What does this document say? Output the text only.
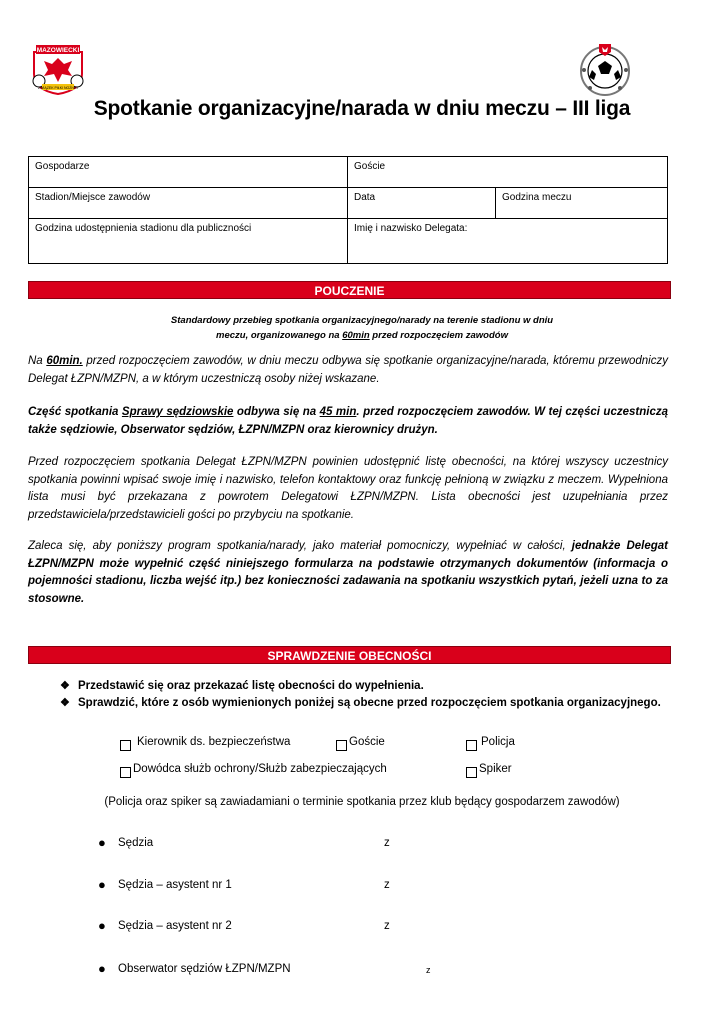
MAZOWIECKI
ZWIĄZEK PIŁKI NOŻNEJ
Spotkanie organizacyjne/narada w dniu meczu – III liga
Gospodarze	Goście	
Stadion/Miejsce zawodów	Data	Godzina meczu
Godzina udostępnienia stadionu dla publiczności	Imię i nazwisko Delegata:	
POUCZENIE
Standardowy przebieg spotkania organizacyjnego/narady na terenie stadionu w dniu
meczu, organizowanego na 60min przed rozpoczęciem zawodów
Na 60min. przed rozpoczęciem zawodów, w dniu meczu odbywa się spotkanie organizacyjne/narada, któremu przewodniczy Delegat ŁZPN/MZPN, a w którym uczestniczą osoby niżej wskazane.
Część spotkania Sprawy sędziowskie odbywa się na 45 min. przed rozpoczęciem zawodów. W tej części uczestniczą także sędziowie, Obserwator sędziów, ŁZPN/MZPN oraz kierownicy drużyn.
Przed rozpoczęciem spotkania Delegat ŁZPN/MZPN powinien udostępnić listę obecności, na której wszyscy uczestnicy spotkania powinni wpisać swoje imię i nazwisko, telefon kontaktowy oraz funkcję pełnioną w związku z meczem. Wypełniona lista musi być przekazana z powrotem Delegatowi ŁZPN/MZPN. Lista obecności jest uzupełniania przez przedstawiciela/przedstawicieli gości po przybyciu na spotkanie.
Zaleca się, aby poniższy program spotkania/narady, jako materiał pomocniczy, wypełniać w całości, jednakże Delegat ŁZPN/MZPN może wypełnić część niniejszego formularza na podstawie otrzymanych dokumentów (informacja o pojemności stadionu, liczba wejść itp.) bez konieczności zadawania na spotkaniu wszystkich pytań, jeżeli uzna to za stosowne.
SPRAWDZENIE OBECNOŚCI
❖ Przedstawić się oraz przekazać listę obecności do wypełnienia.
❖ Sprawdzić, które z osób wymienionych poniżej są obecne przed rozpoczęciem spotkania organizacyjnego.
Kierownik ds. bezpieczeństwa	Goście	Policja
Dowódca służb ochrony/Służb zabezpieczających	Spiker
(Policja oraz spiker są zawiadamiani o terminie spotkania przez klub będący gospodarzem zawodów)
●	Sędzia	z
●	Sędzia – asystent nr 1	z
●	Sędzia – asystent nr 2	z
●	Obserwator sędziów ŁZPN/MZPN	z
